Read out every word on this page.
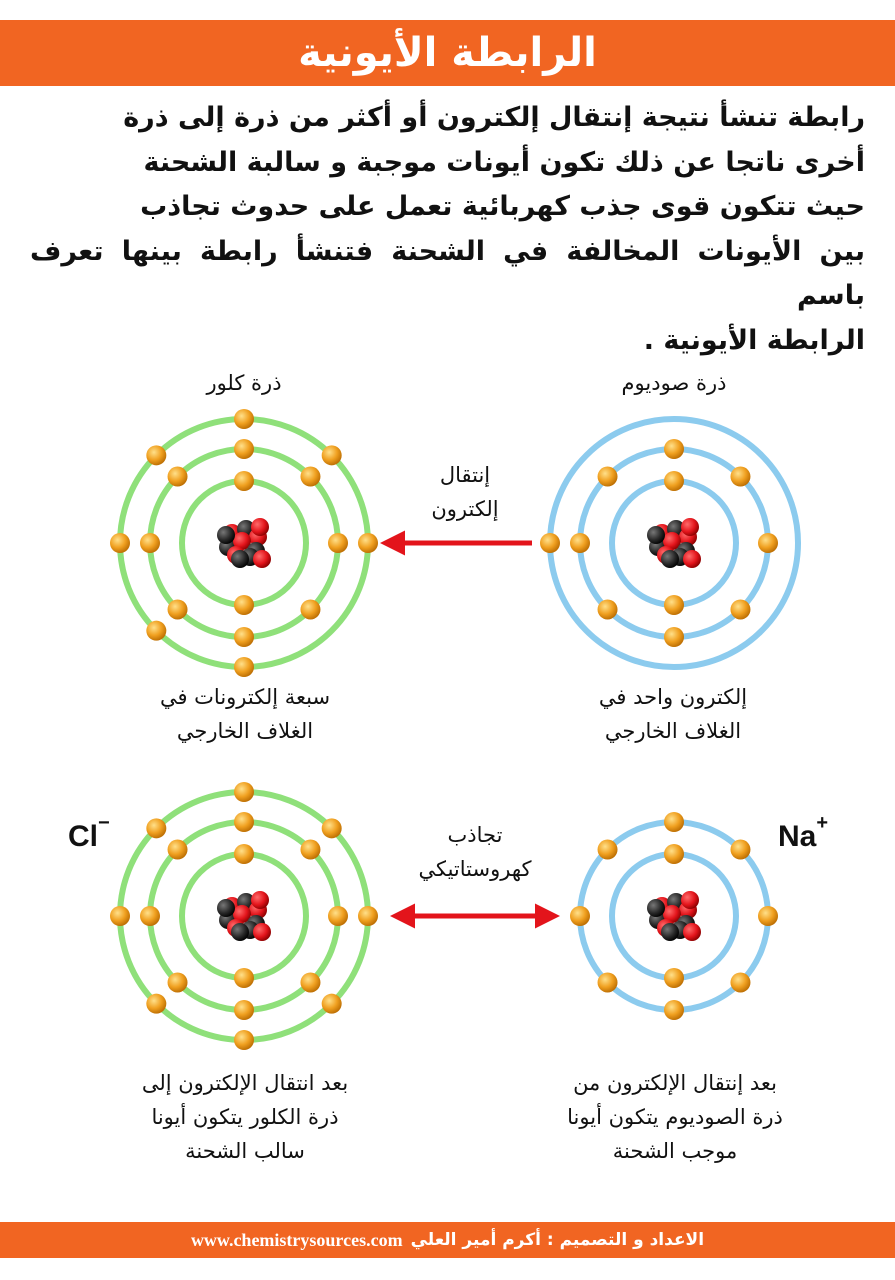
الرابطة الأيونية
رابطة تنشأ نتيجة إنتقال إلكترون أو أكثر من ذرة إلى ذرة
أخرى ناتجا عن ذلك تكون أيونات موجبة و سالبة الشحنة
حيث تتكون قوى جذب كهربائية تعمل على حدوث تجاذب
بين الأيونات المخالفة في الشحنة فتنشأ رابطة بينها تعرف باسم
الرابطة الأيونية .
ذرة كلور	ذرة صوديوم
إنتقال
إلكترون
سبعة إلكترونات في
الغلاف الخارجي
إلكترون واحد في
الغلاف الخارجي
Cl−	Na+
تجاذب
كهروستاتيكي
بعد انتقال الإلكترون إلى
ذرة الكلور يتكون أيونا
سالب الشحنة
بعد إنتقال الإلكترون من
ذرة الصوديوم يتكون أيونا
موجب الشحنة
www.chemistrysources.com الاعداد و التصميم : أكرم أمير العلي
